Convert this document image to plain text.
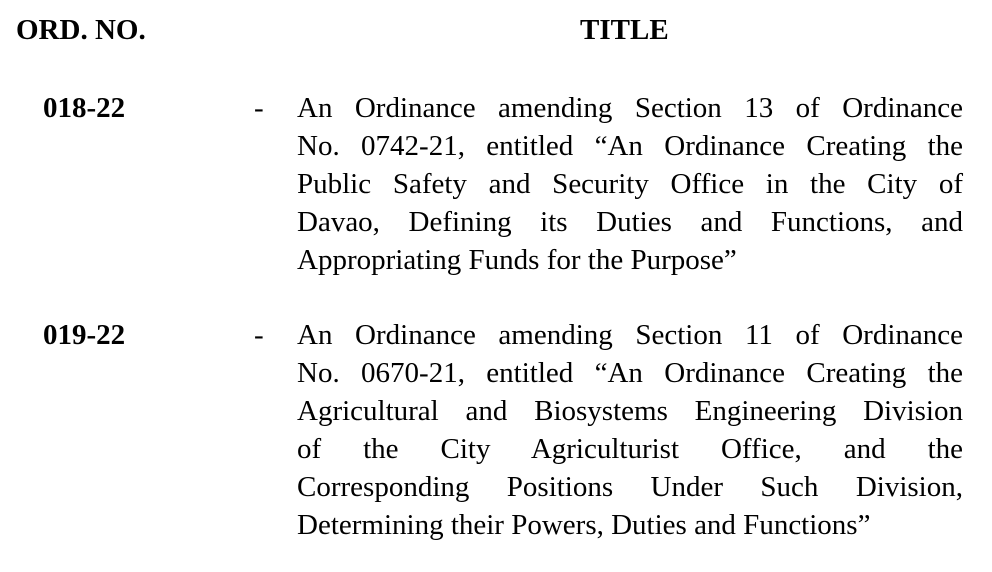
ORD. NO.	TITLE
018-22	- An Ordinance amending Section 13 of Ordinance
No. 0742-21, entitled “An Ordinance Creating the
Public Safety and Security Office in the City of
Davao, Defining its Duties and Functions, and
Appropriating Funds for the Purpose”
019-22	- An Ordinance amending Section 11 of Ordinance
No. 0670-21, entitled “An Ordinance Creating the
Agricultural and Biosystems Engineering Division
of the City Agriculturist Office, and the
Corresponding Positions Under Such Division,
Determining their Powers, Duties and Functions”
